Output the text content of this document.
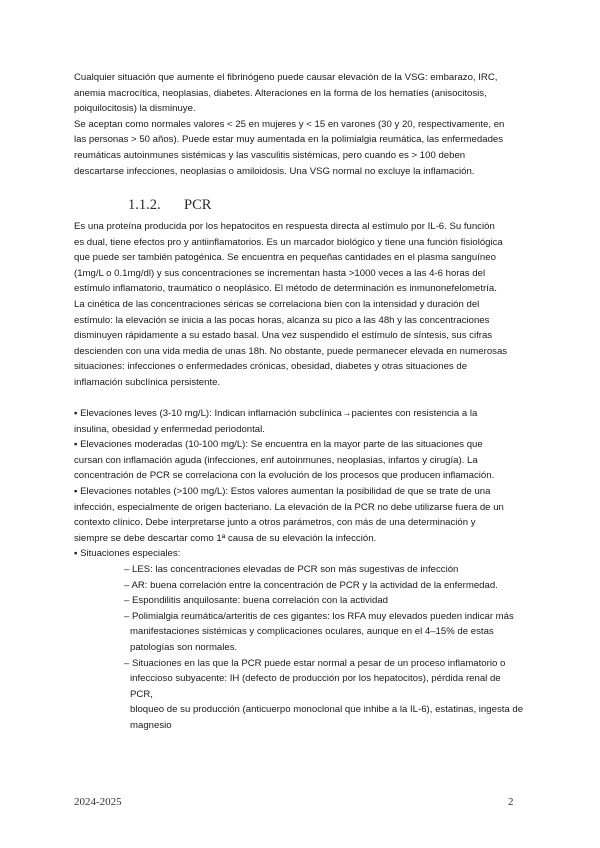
Cualquier situación que aumente el fibrinógeno puede causar elevación de la VSG: embarazo, IRC,

anemia macrocítica, neoplasias, diabetes. Alteraciones en la forma de los hematíes (anisocitosis,

poiquilocitosis) la disminuye.

Se aceptan como normales valores < 25 en mujeres y < 15 en varones (30 y 20, respectivamente, en

las personas > 50 años). Puede estar muy aumentada en la polimialgia reumática, las enfermedades

reumáticas autoinmunes sistémicas y las vasculitis sistémicas, pero cuando es > 100 deben

descartarse infecciones, neoplasias o amiloidosis. Una VSG normal no excluye la inflamación.

1.1.2. PCR

Es una proteína producida por los hepatocitos en respuesta directa al estímulo por IL-6. Su función

es dual, tiene efectos pro y antiinflamatorios. Es un marcador biológico y tiene una función fisiológica

que puede ser también patogénica. Se encuentra en pequeñas cantidades en el plasma sanguíneo

(1mg/L o 0.1mg/dl) y sus concentraciones se incrementan hasta >1000 veces a las 4-6 horas del

estímulo inflamatorio, traumático o neoplásico. El método de determinación es inmunonefelometría.

La cinética de las concentraciones séricas se correlaciona bien con la intensidad y duración del

estímulo: la elevación se inicia a las pocas horas, alcanza su pico a las 48h y las concentraciones

disminuyen rápidamente a su estado basal. Una vez suspendido el estímulo de síntesis, sus cifras

descienden con una vida media de unas 18h. No obstante, puede permanecer elevada en numerosas

situaciones: infecciones o enfermedades crónicas, obesidad, diabetes y otras situaciones de

inflamación subclínica persistente.

▪ Elevaciones leves (3-10 mg/L): Indican inflamación subclínica→pacientes con resistencia a la

insulina, obesidad y enfermedad periodontal.

▪ Elevaciones moderadas (10-100 mg/L): Se encuentra en la mayor parte de las situaciones que

cursan con inflamación aguda (infecciones, enf autoinmunes, neoplasias, infartos y cirugía). La

concentración de PCR se correlaciona con la evolución de los procesos que producen inflamación.

▪ Elevaciones notables (>100 mg/L): Estos valores aumentan la posibilidad de que se trate de una

infección, especialmente de origen bacteriano. La elevación de la PCR no debe utilizarse fuera de un

contexto clínico. Debe interpretarse junto a otros parámetros, con más de una determinación y

siempre se debe descartar como 1ª causa de su elevación la infección.

▪ Situaciones especiales:

– LES: las concentraciones elevadas de PCR son más sugestivas de infección

– AR: buena correlación entre la concentración de PCR y la actividad de la enfermedad.

– Espondilitis anquilosante: buena correlación con la actividad

– Polimialgia reumática/arteritis de ces gigantes: los RFA muy elevados pueden indicar más

manifestaciones sistémicas y complicaciones oculares, aunque en el 4–15% de estas

patologías son normales.

– Situaciones en las que la PCR puede estar normal a pesar de un proceso inflamatorio o

infeccioso subyacente: IH (defecto de producción por los hepatocitos), pérdida renal de PCR,

bloqueo de su producción (anticuerpo monoclonal que inhibe a la IL-6), estatinas, ingesta de

magnesio

2024-2025	2
